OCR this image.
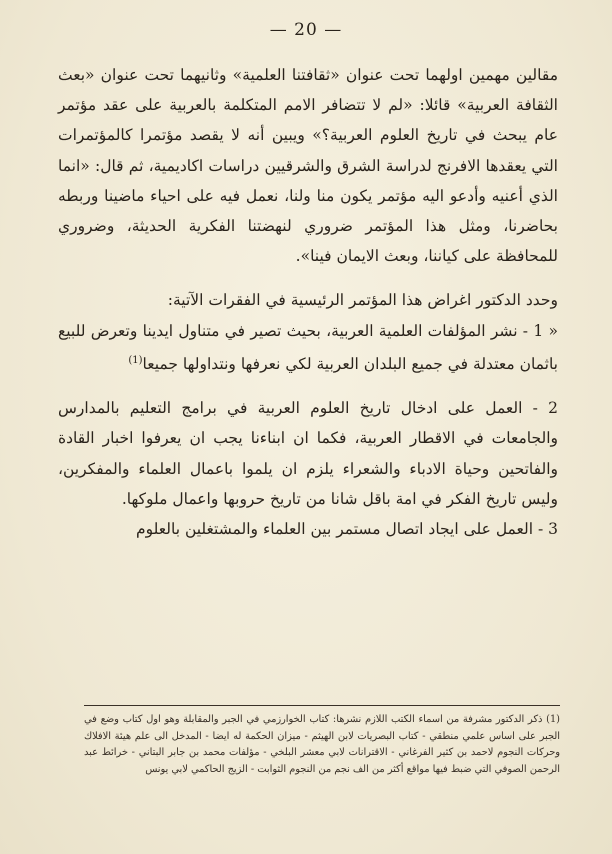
— 20 —

مقالين مهمين اولهما تحت عنوان «ثقافتنا العلمية» وثانيهما تحت عنوان «بعث الثقافة العربية» قائلا: «لم لا تتضافر الامم المتكلمة بالعربية على عقد مؤتمر عام يبحث في تاريخ العلوم العربية؟» ويبين أنه لا يقصد مؤتمرا كالمؤتمرات التي يعقدها الافرنج لدراسة الشرق والشرقيين دراسات اكاديمية، ثم قال: «انما الذي أعنيه وأدعو اليه مؤتمر يكون منا ولنا، نعمل فيه على احياء ماضينا وربطه بحاضرنا، ومثل هذا المؤتمر ضروري لنهضتنا الفكرية الحديثة، وضروري للمحافظة على كياننا، وبعث الايمان فينا».

وحدد الدكتور اغراض هذا المؤتمر الرئيسية في الفقرات الآتية:

« 1 - نشر المؤلفات العلمية العربية، بحيث تصير في متناول ايدينا وتعرض للبيع باثمان معتدلة في جميع البلدان العربية لكي نعرفها ونتداولها جميعا$^{(1)}$

2 - العمل على ادخال تاريخ العلوم العربية في برامج التعليم بالمدارس والجامعات في الاقطار العربية، فكما ان ابناءنا يجب ان يعرفوا اخبار القادة والفاتحين وحياة الادباء والشعراء يلزم ان يلموا باعمال العلماء والمفكرين، وليس تاريخ الفكر في امة باقل شانا من تاريخ حروبها واعمال ملوكها.

3 - العمل على ايجاد اتصال مستمر بين العلماء والمشتغلين بالعلوم

(1) ذكر الدكتور مشرفة من اسماء الكتب اللازم نشرها: كتاب الخوارزمي في الجبر والمقابلة وهو اول كتاب وضع في الجبر على اساس علمي منطقي - كتاب البصريات لابن الهيثم - ميزان الحكمة له ايضا - المدخل الى علم هيئة الافلاك وحركات النجوم لاحمد بن كثير الفرغاني - الاقترانات لابي معشر البلخي - مؤلفات محمد بن جابر البتاني - خرائط عبد الرحمن الصوفي التي ضبط فيها مواقع أكثر من الف نجم من النجوم الثوابت - الزيج الحاكمي لابي يونس
